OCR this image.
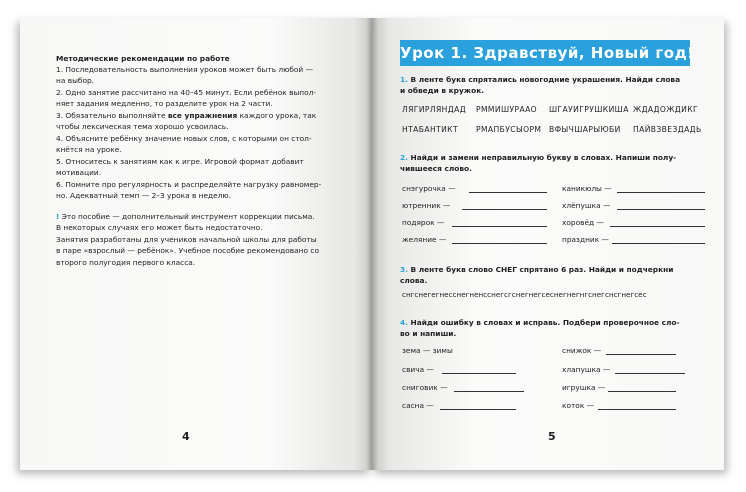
Методические рекомендации по работе
1. Последовательность выполнения уроков может быть любой —
на выбор.
2. Одно занятие рассчитано на 40–45 минут. Если ребёнок выпол-
няет задания медленно, то разделите урок на 2 части.
3. Обязательно выполняйте все упражнения каждого урока, так
чтобы лексическая тема хорошо усвоилась.
4. Объясните ребёнку значение новых слов, с которыми он стол-
кнётся на уроке.
5. Относитесь к занятиям как к игре. Игровой формат добавит
мотивации.
6. Помните про регулярность и распределяйте нагрузку равномер-
но. Адекватный темп — 2–3 урока в неделю.
! Это пособие — дополнительный инструмент коррекции письма.
В некоторых случаях его может быть недостаточно.
Занятия разработаны для учеников начальной школы для работы
в паре «взрослый — ребёнок». Учебное пособие рекомендовано со
второго полугодия первого класса.
4
Урок 1. Здравствуй, Новый год!
1. В ленте букв спрятались новогодние украшения. Найди слова
и обведи в кружок.
ЛЯГИРЛЯНДАД РММИШУРААО ШГАУИГРУШКИША ЖДАДОЖДИКГ
НТАБАНТИКТ РМАПБУСЫОРМ ВФЫЧШАРЫЮБИ ПАЙВЗВЕЗДАДЬ
2. Найди и замени неправильную букву в словах. Напиши полу-
чившееся слово.
снэгурочка —
ютренник —
подярок —
желяние —
каникюлы —
хлёпушка —
хоровёд —
праздник —
3. В ленте букв слово СНЕГ спрятано 6 раз. Найди и подчеркни
слова.
снгснегегнесснегненсснегсгснегнегсеснегнегнгснегснсгнегсес
4. Найди ошибку в словах и исправь. Подбери проверочное сло-
во и напиши.
зема — зимы
свича —
сниговик —
сасна —
снижок —
хлапушка —
игрушка —
коток —
5
